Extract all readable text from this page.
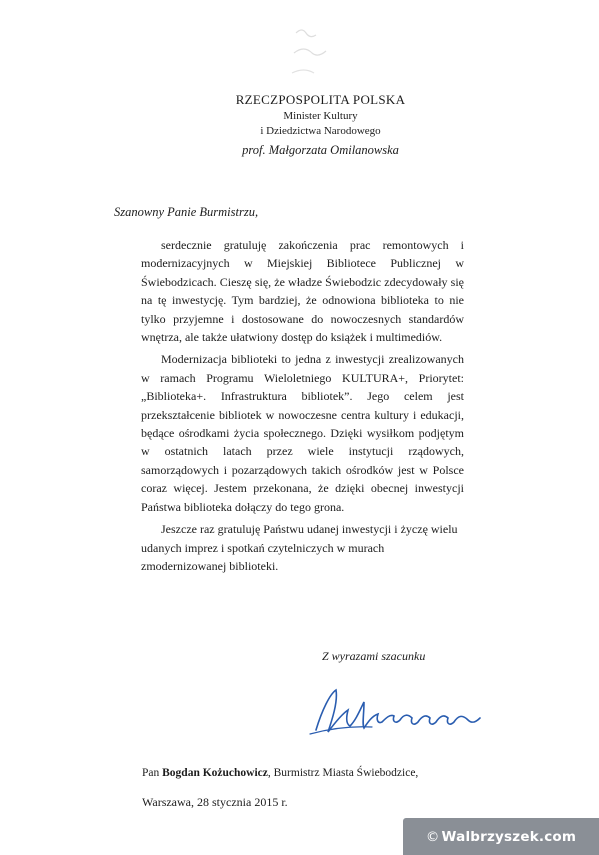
RZECZPOSPOLITA POLSKA
Minister Kultury
i Dziedzictwa Narodowego
prof. Małgorzata Omilanowska
Szanowny Panie Burmistrzu,

serdecznie gratuluję zakończenia prac remontowych i modernizacyjnych w Miejskiej Bibliotece Publicznej w Świebodzicach. Cieszę się, że władze Świebodzic zdecydowały się na tę inwestycję. Tym bardziej, że odnowiona biblioteka to nie tylko przyjemne i dostosowane do nowoczesnych standardów wnętrza, ale także ułatwiony dostęp do książek i multimediów.

Modernizacja biblioteki to jedna z inwestycji zrealizowanych w ramach Programu Wieloletniego KULTURA+, Priorytet: „Biblioteka+. Infrastruktura bibliotek”. Jego celem jest przekształcenie bibliotek w nowoczesne centra kultury i edukacji, będące ośrodkami życia społecznego. Dzięki wysiłkom podjętym w ostatnich latach przez wiele instytucji rządowych, samorządowych i pozarządowych takich ośrodków jest w Polsce coraz więcej. Jestem przekonana, że dzięki obecnej inwestycji Państwa biblioteka dołączy do tego grona.

Jeszcze raz gratuluję Państwu udanej inwestycji i życzę wielu udanych imprez i spotkań czytelniczych w murach zmodernizowanej biblioteki.

Z wyrazami szacunku
Pan Bogdan Kożuchowicz, Burmistrz Miasta Świebodzice,
Warszawa, 28 stycznia 2015 r.
© Walbrzyszek.com
